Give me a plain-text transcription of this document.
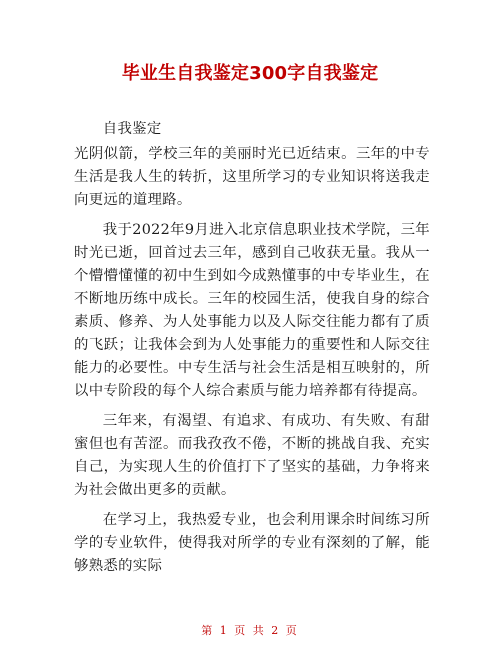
毕业生自我鉴定300字自我鉴定

自我鉴定

光阴似箭，学校三年的美丽时光已近结束。三年的中专生活是我人生的转折，这里所学习的专业知识将送我走向更远的道理路。

我于2022年9月进入北京信息职业技术学院，三年时光已逝，回首过去三年，感到自己收获无量。我从一个懵懵懂懂的初中生到如今成熟懂事的中专毕业生，在不断地历练中成长。三年的校园生活，使我自身的综合素质、修养、为人处事能力以及人际交往能力都有了质的飞跃；让我体会到为人处事能力的重要性和人际交往能力的必要性。中专生活与社会生活是相互映射的，所以中专阶段的每个人综合素质与能力培养都有待提高。

三年来，有渴望、有追求、有成功、有失败、有甜蜜但也有苦涩。而我孜孜不倦，不断的挑战自我、充实自己，为实现人生的价值打下了坚实的基础，力争将来为社会做出更多的贡献。

在学习上，我热爱专业，也会利用课余时间练习所学的专业软件，使得我对所学的专业有深刻的了解，能够熟悉的实际

第 1 页 共 2 页
